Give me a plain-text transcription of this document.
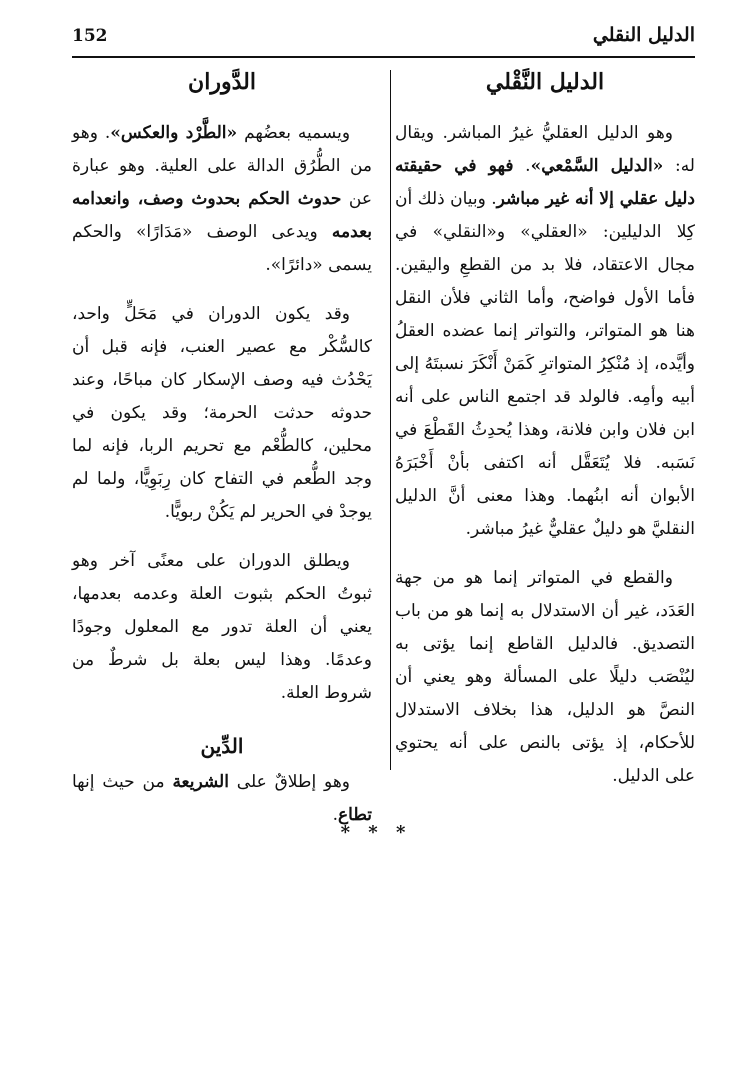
الدليل النقلي
152
الدليل النَّقْلي

وهو الدليل العقليُّ غيرُ المباشر. ويقال له: «الدليل السَّمْعي». فهو في حقيقته دليل عقلي إلا أنه غير مباشر. وبيان ذلك أن كِلا الدليلين: «العقلي» و«النقلي» في مجال الاعتقاد، فلا بد من القطعِ واليقين. فأما الأول فواضح، وأما الثاني فلأن النقل هنا هو المتواتر، والتواتر إنما عضده العقلُ وأيَّده، إذ مُنْكِرُ المتواترِ كَمَنْ أَنْكَرَ نسبتَهُ إلى أبيه وأمِه. فالولد قد اجتمع الناس على أنه ابن فلان وابن فلانة، وهذا يُحدِثُ القَطْعَ في نَسَبه. فلا يُتَعَقَّل أنه اكتفى بأنْ أَخْبَرَهُ الأبوان أنه ابنُهما. وهذا معنى أنَّ الدليل النقليَّ هو دليلٌ عقليٌّ غيرُ مباشر.

والقطع في المتواتر إنما هو من جهة العَدَد، غير أن الاستدلال به إنما هو من باب التصديق. فالدليل القاطع إنما يؤتى به ليُنْصَب دليلًا على المسألة وهو يعني أن النصَّ هو الدليل، هذا بخلاف الاستدلال للأحكام، إذ يؤتى بالنص على أنه يحتوي على الدليل.

الدَّوران

ويسميه بعضُهم «الطَّرْد والعكس». وهو من الطُّرُق الدالة على العلية. وهو عبارة عن حدوث الحكم بحدوث وصف، وانعدامه بعدمه ويدعى الوصف «مَدَارًا» والحكم يسمى «دائرًا».

وقد يكون الدوران في مَحَلٍّ واحد، كالسُّكْر مع عصير العنب، فإنه قبل أن يَحْدُث فيه وصف الإسكار كان مباحًا، وعند حدوثه حدثت الحرمة؛ وقد يكون في محلين، كالطُّعْم مع تحريم الربا، فإنه لما وجد الطُّعم في التفاح كان رِبَوِيًّا، ولما لم يوجدْ في الحرير لم يَكُنْ ربويًّا.

ويطلق الدوران على معنًى آخر وهو ثبوتُ الحكم بثبوت العلة وعدمه بعدمها، يعني أن العلة تدور مع المعلول وجودًا وعدمًا. وهذا ليس بعلة بل شرطٌ من شروط العلة.

الدِّين

وهو إطلاقٌ على الشريعة من حيث إنها تطاع.

* * *
